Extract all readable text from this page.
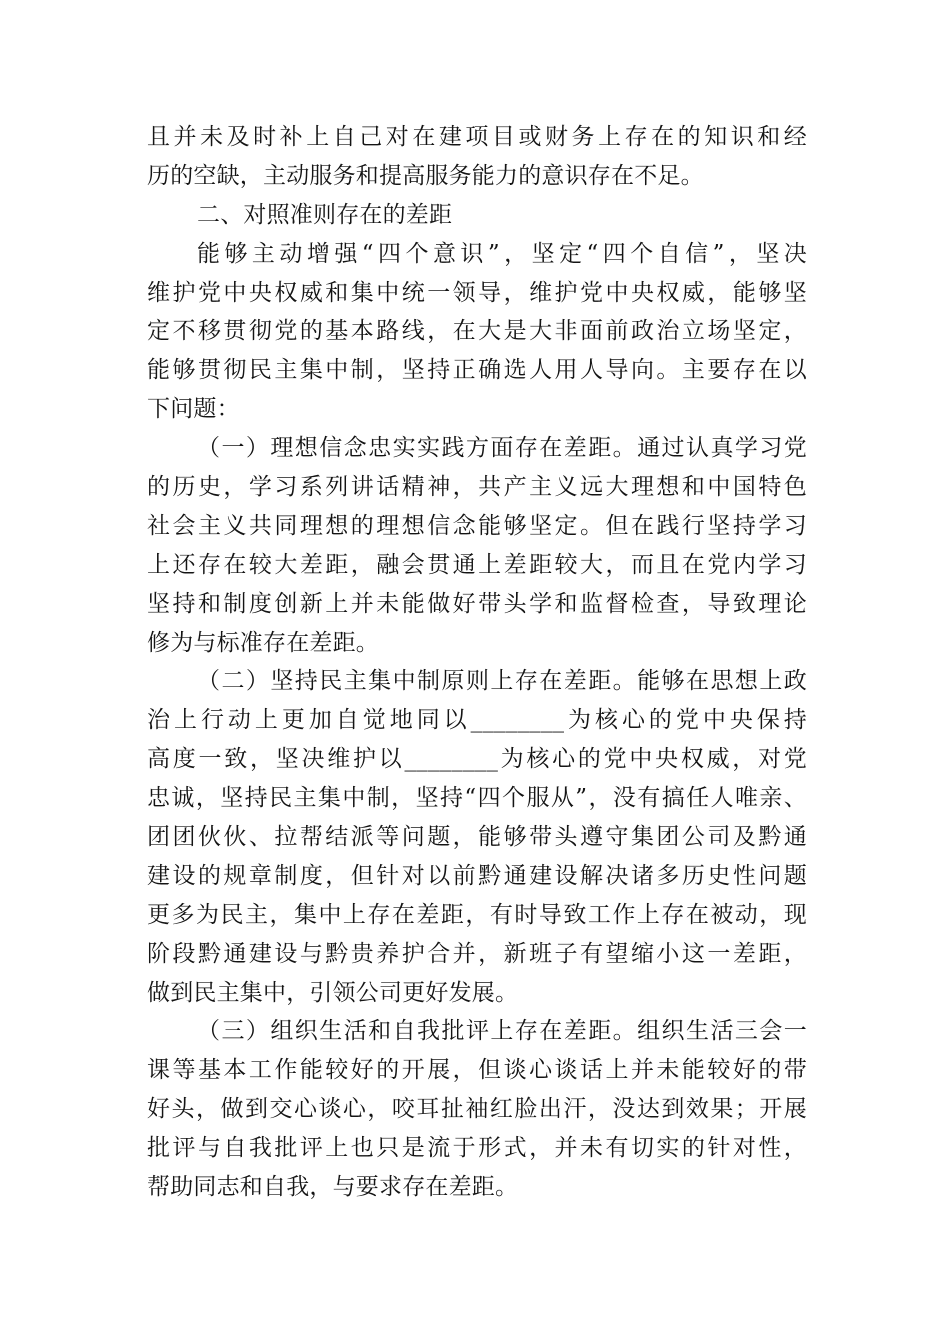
且并未及时补上自己对在建项目或财务上存在的知识和经
历的空缺，主动服务和提高服务能力的意识存在不足。
二、对照准则存在的差距
能够主动增强“四个意识”，坚定“四个自信”，坚决
维护党中央权威和集中统一领导，维护党中央权威，能够坚
定不移贯彻党的基本路线，在大是大非面前政治立场坚定，
能够贯彻民主集中制，坚持正确选人用人导向。主要存在以
下问题：
（一）理想信念忠实实践方面存在差距。通过认真学习党
的历史，学习系列讲话精神，共产主义远大理想和中国特色
社会主义共同理想的理想信念能够坚定。但在践行坚持学习
上还存在较大差距，融会贯通上差距较大，而且在党内学习
坚持和制度创新上并未能做好带头学和监督检查，导致理论
修为与标准存在差距。
（二）坚持民主集中制原则上存在差距。能够在思想上政
治上行动上更加自觉地同以________为核心的党中央保持
高度一致，坚决维护以________为核心的党中央权威，对党
忠诚，坚持民主集中制，坚持“四个服从”，没有搞任人唯亲、
团团伙伙、拉帮结派等问题，能够带头遵守集团公司及黔通
建设的规章制度，但针对以前黔通建设解决诸多历史性问题
更多为民主，集中上存在差距，有时导致工作上存在被动，现
阶段黔通建设与黔贵养护合并，新班子有望缩小这一差距，
做到民主集中，引领公司更好发展。
（三）组织生活和自我批评上存在差距。组织生活三会一
课等基本工作能较好的开展，但谈心谈话上并未能较好的带
好头，做到交心谈心，咬耳扯袖红脸出汗，没达到效果；开展
批评与自我批评上也只是流于形式，并未有切实的针对性，
帮助同志和自我，与要求存在差距。
